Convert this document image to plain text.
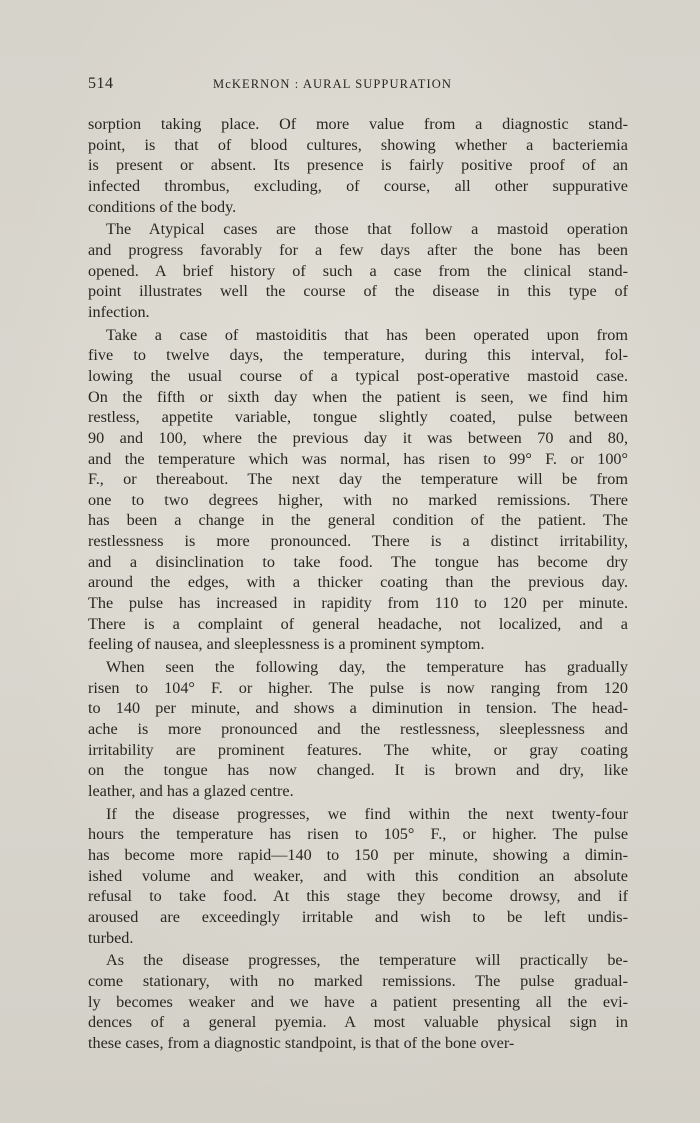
514	McKERNON : AURAL SUPPURATION
sorption taking place. Of more value from a diagnostic stand-
point, is that of blood cultures, showing whether a bacteriemia
is present or absent. Its presence is fairly positive proof of an
infected thrombus, excluding, of course, all other suppurative
conditions of the body.
The Atypical cases are those that follow a mastoid operation
and progress favorably for a few days after the bone has been
opened. A brief history of such a case from the clinical stand-
point illustrates well the course of the disease in this type of
infection.
Take a case of mastoiditis that has been operated upon from
five to twelve days, the temperature, during this interval, fol-
lowing the usual course of a typical post-operative mastoid case.
On the fifth or sixth day when the patient is seen, we find him
restless, appetite variable, tongue slightly coated, pulse between
90 and 100, where the previous day it was between 70 and 80,
and the temperature which was normal, has risen to 99° F. or 100°
F., or thereabout. The next day the temperature will be from
one to two degrees higher, with no marked remissions. There
has been a change in the general condition of the patient. The
restlessness is more pronounced. There is a distinct irritability,
and a disinclination to take food. The tongue has become dry
around the edges, with a thicker coating than the previous day.
The pulse has increased in rapidity from 110 to 120 per minute.
There is a complaint of general headache, not localized, and a
feeling of nausea, and sleeplessness is a prominent symptom.
When seen the following day, the temperature has gradually
risen to 104° F. or higher. The pulse is now ranging from 120
to 140 per minute, and shows a diminution in tension. The head-
ache is more pronounced and the restlessness, sleeplessness and
irritability are prominent features. The white, or gray coating
on the tongue has now changed. It is brown and dry, like
leather, and has a glazed centre.
If the disease progresses, we find within the next twenty-four
hours the temperature has risen to 105° F., or higher. The pulse
has become more rapid—140 to 150 per minute, showing a dimin-
ished volume and weaker, and with this condition an absolute
refusal to take food. At this stage they become drowsy, and if
aroused are exceedingly irritable and wish to be left undis-
turbed.
As the disease progresses, the temperature will practically be-
come stationary, with no marked remissions. The pulse gradual-
ly becomes weaker and we have a patient presenting all the evi-
dences of a general pyemia. A most valuable physical sign in
these cases, from a diagnostic standpoint, is that of the bone over-
